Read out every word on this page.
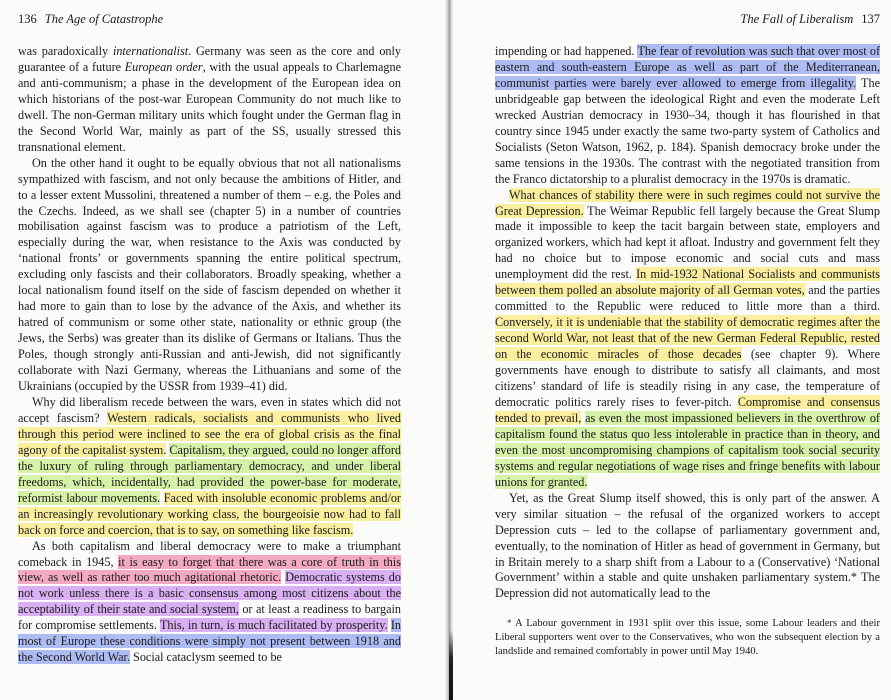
136 The Age of Catastrophe

was paradoxically internationalist. Germany was seen as the core and only guarantee of a future European order, with the usual appeals to Charlemagne and anti-communism; a phase in the development of the European idea on which historians of the post-war European Community do not much like to dwell. The non-German military units which fought under the German flag in the Second World War, mainly as part of the SS, usually stressed this transnational element.

On the other hand it ought to be equally obvious that not all nationalisms sympathized with fascism, and not only because the ambitions of Hitler, and to a lesser extent Mussolini, threatened a number of them – e.g. the Poles and the Czechs. Indeed, as we shall see (chapter 5) in a number of countries mobilisation against fascism was to produce a patriotism of the Left, especially during the war, when resistance to the Axis was conducted by ‘national fronts’ or governments spanning the entire political spectrum, excluding only fascists and their collaborators. Broadly speaking, whether a local nationalism found itself on the side of fascism depended on whether it had more to gain than to lose by the advance of the Axis, and whether its hatred of communism or some other state, nationality or ethnic group (the Jews, the Serbs) was greater than its dislike of Germans or Italians. Thus the Poles, though strongly anti-Russian and anti-Jewish, did not significantly collaborate with Nazi Germany, whereas the Lithuanians and some of the Ukrainians (occupied by the USSR from 1939–41) did.

Why did liberalism recede between the wars, even in states which did not accept fascism? Western radicals, socialists and communists who lived through this period were inclined to see the era of global crisis as the final agony of the capitalist system. Capitalism, they argued, could no longer afford the luxury of ruling through parliamentary democracy, and under liberal freedoms, which, incidentally, had provided the power-base for moderate, reformist labour movements. Faced with insoluble economic problems and/or an increasingly revolutionary working class, the bourgeoisie now had to fall back on force and coercion, that is to say, on something like fascism.

As both capitalism and liberal democracy were to make a triumphant comeback in 1945, it is easy to forget that there was a core of truth in this view, as well as rather too much agitational rhetoric. Democratic systems do not work unless there is a basic consensus among most citizens about the acceptability of their state and social system, or at least a readiness to bargain for compromise settlements. This, in turn, is much facilitated by prosperity. In most of Europe these conditions were simply not present between 1918 and the Second World War. Social cataclysm seemed to be

The Fall of Liberalism 137

impending or had happened. The fear of revolution was such that over most of eastern and south-eastern Europe as well as part of the Mediterranean, communist parties were barely ever allowed to emerge from illegality. The unbridgeable gap between the ideological Right and even the moderate Left wrecked Austrian democracy in 1930–34, though it has flourished in that country since 1945 under exactly the same two-party system of Catholics and Socialists (Seton Watson, 1962, p. 184). Spanish democracy broke under the same tensions in the 1930s. The contrast with the negotiated transition from the Franco dictatorship to a pluralist democracy in the 1970s is dramatic.

What chances of stability there were in such regimes could not survive the Great Depression. The Weimar Republic fell largely because the Great Slump made it impossible to keep the tacit bargain between state, employers and organized workers, which had kept it afloat. Industry and government felt they had no choice but to impose economic and social cuts and mass unemployment did the rest. In mid-1932 National Socialists and communists between them polled an absolute majority of all German votes, and the parties committed to the Republic were reduced to little more than a third. Conversely, it it is undeniable that the stability of democratic regimes after the second World War, not least that of the new German Federal Republic, rested on the economic miracles of those decades (see chapter 9). Where governments have enough to distribute to satisfy all claimants, and most citizens’ standard of life is steadily rising in any case, the temperature of democratic politics rarely rises to fever-pitch. Compromise and consensus tended to prevail, as even the most impassioned believers in the overthrow of capitalism found the status quo less intolerable in practice than in theory, and even the most uncompromising champions of capitalism took social security systems and regular negotiations of wage rises and fringe benefits with labour unions for granted.

Yet, as the Great Slump itself showed, this is only part of the answer. A very similar situation – the refusal of the organized workers to accept Depression cuts – led to the collapse of parliamentary government and, eventually, to the nomination of Hitler as head of government in Germany, but in Britain merely to a sharp shift from a Labour to a (Conservative) ‘National Government’ within a stable and quite unshaken parliamentary system.* The Depression did not automatically lead to the

* A Labour government in 1931 split over this issue, some Labour leaders and their Liberal supporters went over to the Conservatives, who won the subsequent election by a landslide and remained comfortably in power until May 1940.
